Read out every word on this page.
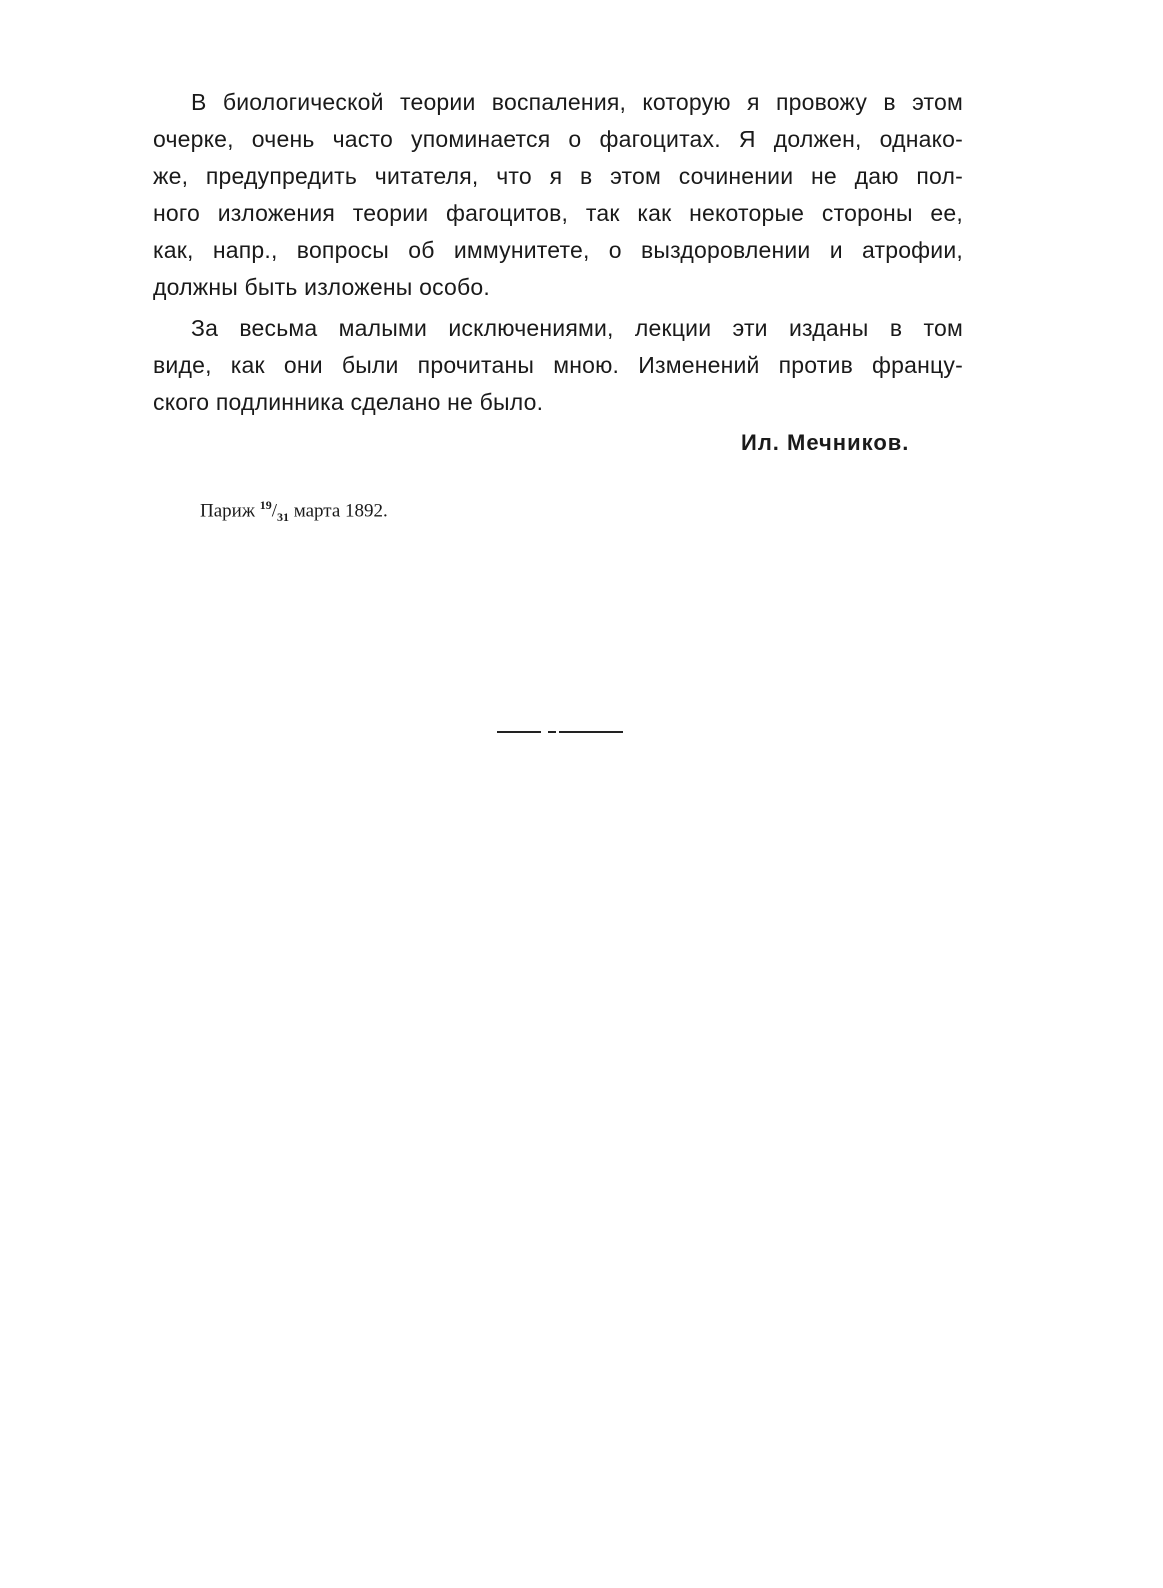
В биологической теории воспаления, которую я провожу в этом
очерке, очень часто упоминается о фагоцитах. Я должен, однако-
же, предупредить читателя, что я в этом сочинении не даю пол-
ного изложения теории фагоцитов, так как некоторые стороны ее,
как, напр., вопросы об иммунитете, о выздоровлении и атрофии,
должны быть изложены особо.
За весьма малыми исключениями, лекции эти изданы в том
виде, как они были прочитаны мною. Изменений против францу-
ского подлинника сделано не было.
Ил. Мечников.
Париж $^{19}/_{31}$ марта 1892.
